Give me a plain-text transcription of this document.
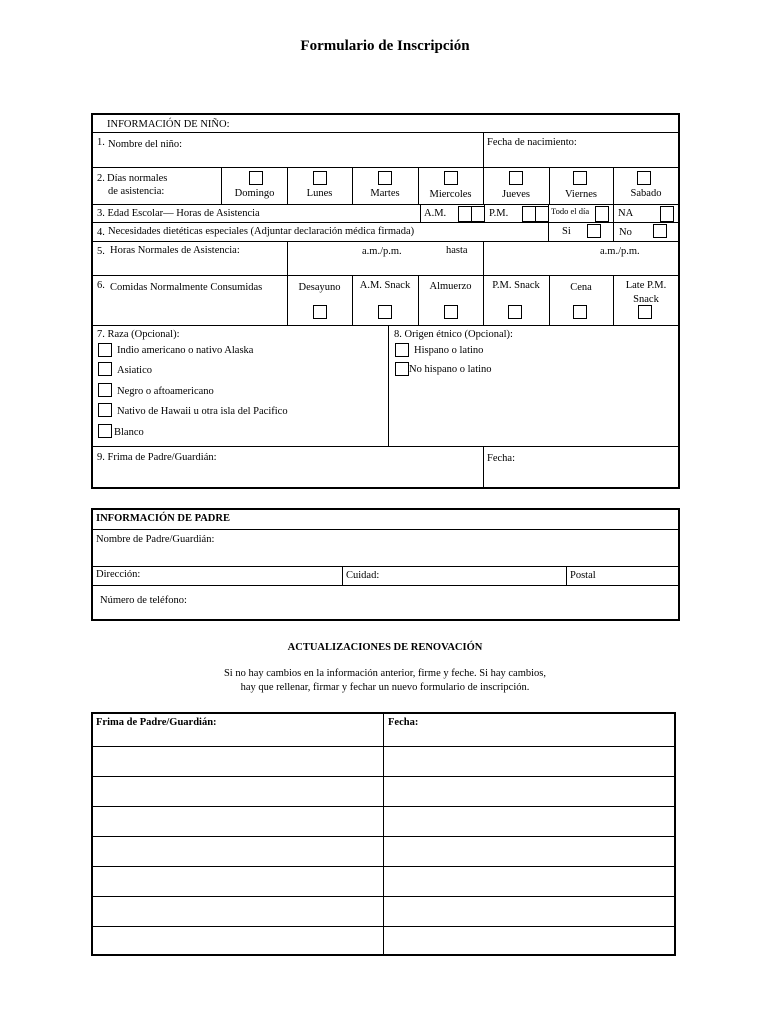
Formulario de Inscripción
INFORMACIÓN DE NIÑO:
1. Nombre del niño:	Fecha de nacimiento:
2. Días normales
de asistencia:	Domingo	Lunes	Martes	Miercoles	Jueves	Viernes	Sabado
3. Edad Escolar— Horas de Asistencia	A.M.	P.M.	Todo el día	NA
4. Necesidades dietéticas especiales (Adjuntar declaración médica firmada)	Si	No
5. Horas Normales de Asistencia:	a.m./p.m.	hasta	a.m./p.m.
6. Comidas Normalmente Consumidas	Desayuno	A.M. Snack	Almuerzo	P.M. Snack	Cena	Late P.M.
Snack
7. Raza (Opcional):
Indio americano o nativo Alaska
Asiatico
Negro o aftoamericano
Nativo de Hawaii u otra isla del Pacifico
Blanco
8. Origen étnico (Opcional):
Hispano o latino
No hispano o latino
9. Frima de Padre/Guardián:	Fecha:
INFORMACIÓN DE PADRE
Nombre de Padre/Guardián:
Dirección:	Cuidad:	Postal
Número de teléfono:
ACTUALIZACIONES DE RENOVACIÓN
Si no hay cambios en la información anterior, firme y feche. Si hay cambios,
hay que rellenar, firmar y fechar un nuevo formulario de inscripción.
Frima de Padre/Guardián:	Fecha:
